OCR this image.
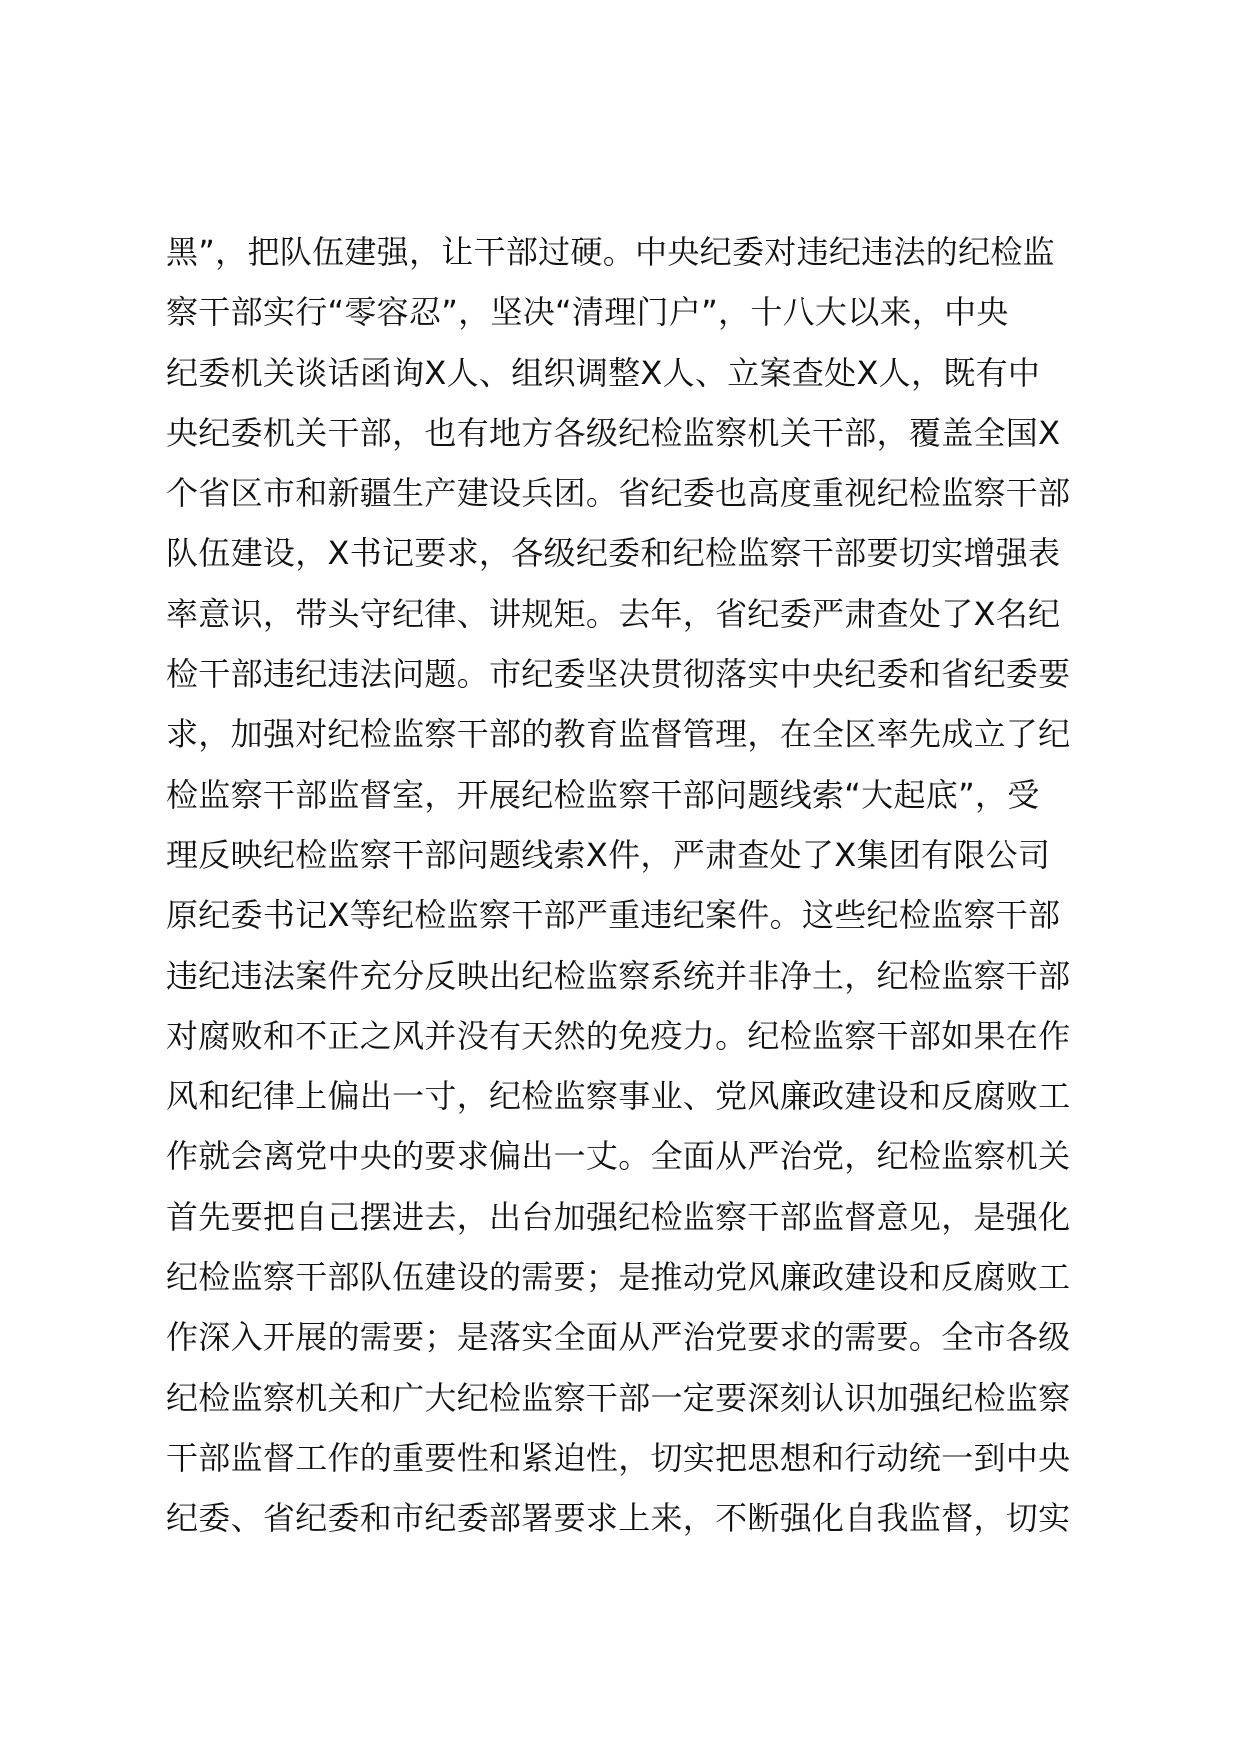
黑”，把队伍建强，让干部过硬。中央纪委对违纪违法的纪检监
察干部实行“零容忍”，坚决“清理门户”，十八大以来，中央
纪委机关谈话函询X人、组织调整X人、立案查处X人，既有中
央纪委机关干部，也有地方各级纪检监察机关干部，覆盖全国X
个省区市和新疆生产建设兵团。省纪委也高度重视纪检监察干部
队伍建设，X书记要求，各级纪委和纪检监察干部要切实增强表
率意识，带头守纪律、讲规矩。去年，省纪委严肃查处了X名纪
检干部违纪违法问题。市纪委坚决贯彻落实中央纪委和省纪委要
求，加强对纪检监察干部的教育监督管理，在全区率先成立了纪
检监察干部监督室，开展纪检监察干部问题线索“大起底”，受
理反映纪检监察干部问题线索X件，严肃查处了X集团有限公司
原纪委书记X等纪检监察干部严重违纪案件。这些纪检监察干部
违纪违法案件充分反映出纪检监察系统并非净土，纪检监察干部
对腐败和不正之风并没有天然的免疫力。纪检监察干部如果在作
风和纪律上偏出一寸，纪检监察事业、党风廉政建设和反腐败工
作就会离党中央的要求偏出一丈。全面从严治党，纪检监察机关
首先要把自己摆进去，出台加强纪检监察干部监督意见，是强化
纪检监察干部队伍建设的需要；是推动党风廉政建设和反腐败工
作深入开展的需要；是落实全面从严治党要求的需要。全市各级
纪检监察机关和广大纪检监察干部一定要深刻认识加强纪检监察
干部监督工作的重要性和紧迫性，切实把思想和行动统一到中央
纪委、省纪委和市纪委部署要求上来，不断强化自我监督，切实
